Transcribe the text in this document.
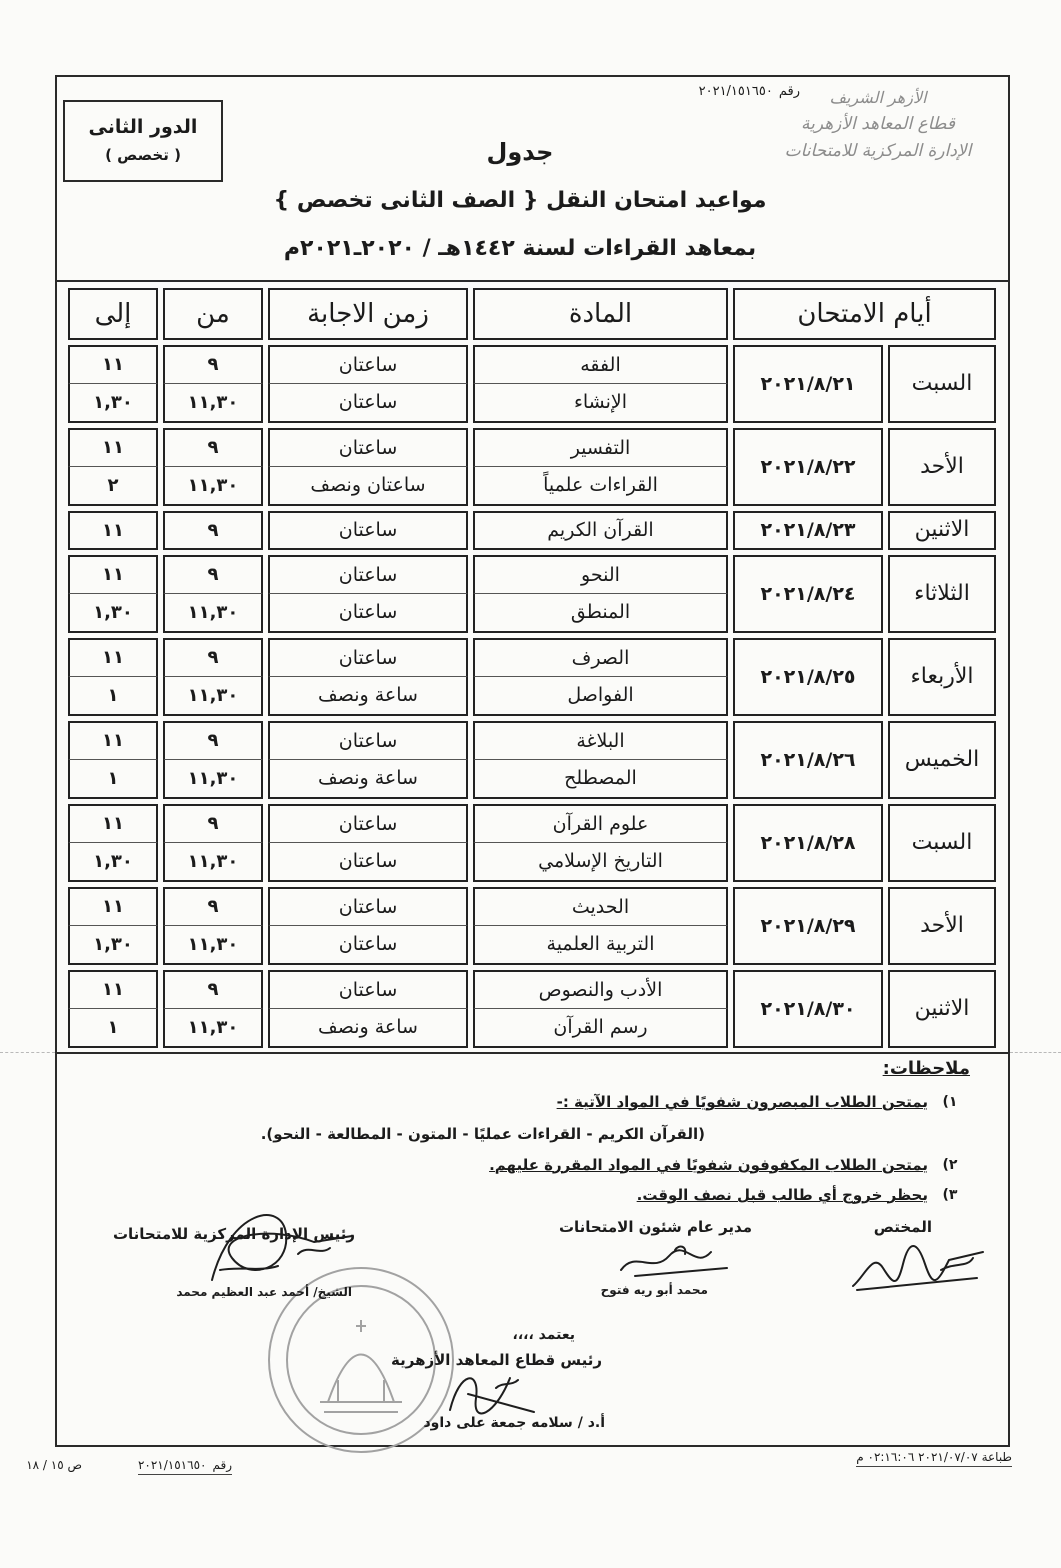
الأزهر الشريف
قطاع المعاهد الأزهرية
الإدارة المركزية للامتحانات
رقم٢٠٢١/١٥١٦٥٠
الدور الثانى
( تخصص )	جدول
مواعيد امتحان النقل { الصف الثانى تخصص }
بمعاهد القراءات لسنة ١٤٤٢هـ / ٢٠٢٠ـ٢٠٢١م
أيام الامتحان		المادة	زمن الاجابة	من	إلى

السبت	٢٠٢١/٨/٢١	الفقه	ساعتان	٩	١١
		الإنشاء	ساعتان	١١,٣٠	١,٣٠

الأحد	٢٠٢١/٨/٢٢	التفسير	ساعتان	٩	١١
		القراءات علمياً	ساعتان ونصف	١١,٣٠	٢

الاثنين	٢٠٢١/٨/٢٣	القرآن الكريم	ساعتان	٩	١١

الثلاثاء	٢٠٢١/٨/٢٤	النحو	ساعتان	٩	١١
		المنطق	ساعتان	١١,٣٠	١,٣٠

الأربعاء	٢٠٢١/٨/٢٥	الصرف	ساعتان	٩	١١
		الفواصل	ساعة ونصف	١١,٣٠	١

الخميس	٢٠٢١/٨/٢٦	البلاغة	ساعتان	٩	١١
		المصطلح	ساعة ونصف	١١,٣٠	١

السبت	٢٠٢١/٨/٢٨	علوم القرآن	ساعتان	٩	١١
		التاريخ الإسلامي	ساعتان	١١,٣٠	١,٣٠

الأحد	٢٠٢١/٨/٢٩	الحديث	ساعتان	٩	١١
		التربية العلمية	ساعتان	١١,٣٠	١,٣٠

الاثنين	٢٠٢١/٨/٣٠	الأدب والنصوص	ساعتان	٩	١١
		رسم القرآن	ساعة ونصف	١١,٣٠	١
ملاحظات:
١)
يمتحن الطلاب المبصرون شفويًا في المواد الآتية :-
(القرآن الكريم - القراءات عمليًا - المتون - المطالعة - النحو).
٢)
يمتحن الطلاب المكفوفون شفويًا في المواد المقررة عليهم.
٣)
يحظر خروج أي طالب قبل نصف الوقت.
المختص
مدير عام شئون الامتحانات
محمد أبو ريه فتوح
رئيس الإدارة المركزية للامتحانات
الشيخ/ أحمد عبد العظيم محمد
يعتمد ،،،،
رئيس قطاع المعاهد الأزهرية
أ.د / سلامه جمعة على داود
طباعة ٢٠٢١/٠٧/٠٧ ٠٢:١٦:٠٦ م
رقم٢٠٢١/١٥١٦٥٠
ص ١٥ / ١٨
